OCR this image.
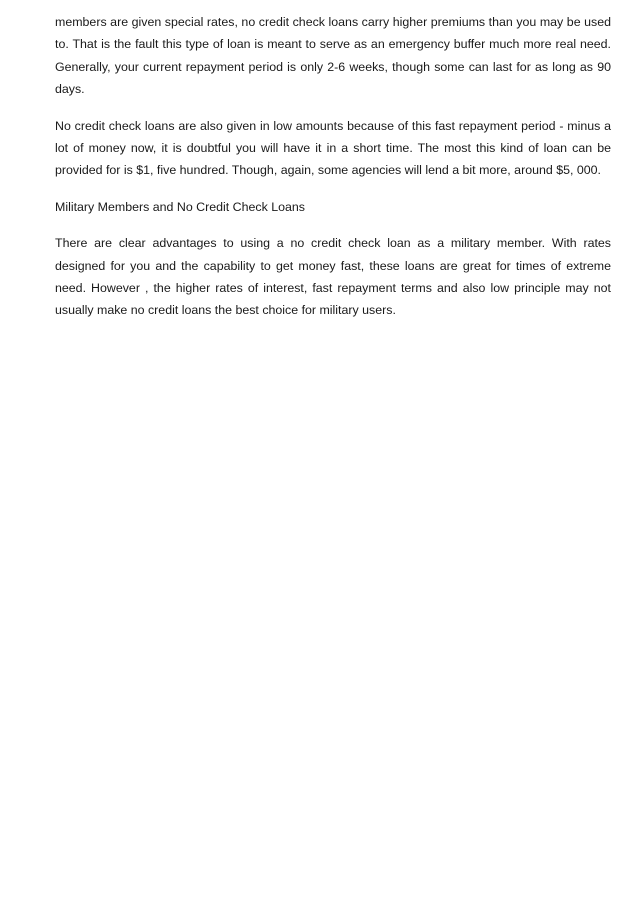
members are given special rates, no credit check loans carry higher premiums than you may be used to. That is the fault this type of loan is meant to serve as an emergency buffer much more real need. Generally, your current repayment period is only 2-6 weeks, though some can last for as long as 90 days.

No credit check loans are also given in low amounts because of this fast repayment period - minus a lot of money now, it is doubtful you will have it in a short time. The most this kind of loan can be provided for is $1, five hundred. Though, again, some agencies will lend a bit more, around $5, 000.

Military Members and No Credit Check Loans

There are clear advantages to using a no credit check loan as a military member. With rates designed for you and the capability to get money fast, these loans are great for times of extreme need. However , the higher rates of interest, fast repayment terms and also low principle may not usually make no credit loans the best choice for military users.
